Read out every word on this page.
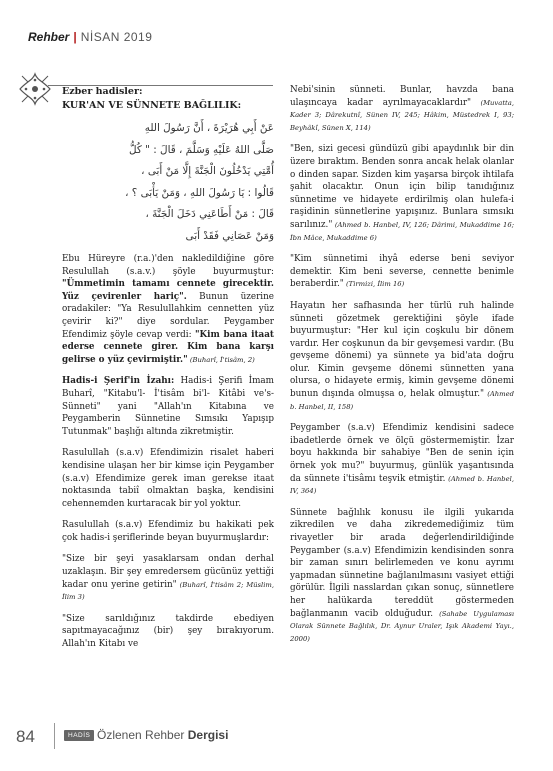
Rehber | NİSAN 2019
Ezber hadisler:
KUR'AN VE SÜNNETE BAĞLILIK:
عَنْ أَبِي هُرَيْرَةَ ، أَنَّ رَسُولَ اللهِ
صَلَّى اللهُ عَلَيْهِ وَسَلَّمَ ، قَالَ : " كُلُّ
أُمَّتِي يَدْخُلُونَ الْجَنَّةَ إِلَّا مَنْ أَبَى ،
قَالُوا : يَا رَسُولَ اللهِ ، وَمَنْ يَأْبَى ؟ ،
قَالَ : مَنْ أَطَاعَنِي دَخَلَ الْجَنَّةَ ،
وَمَنْ عَصَانِي فَقَدْ أَبَى
Ebu Hüreyre (r.a.)'den nakledildiğine göre Resulullah (s.a.v.) şöyle buyurmuştur: "Ümmetimin tamamı cennete girecektir. Yüz çevirenler hariç". Bunun üzerine oradakiler: "Ya Resulullahkim cennetten yüz çevirir ki?" diye sordular. Peygamber Efendimiz şöyle cevap verdi: "Kim bana itaat ederse cennete girer. Kim bana karşı gelirse o yüz çevirmiştir." (Buharî, İ'tisâm, 2)
Hadis-i Şerif'in İzahı: Hadis-i Şerifi İmam Buharî, "Kitabu'l- İ'tisâm bi'l- Kitâbi ve's-Sünneti" yani "Allah'ın Kitabına ve Peygamberin Sünnetine Sımsıkı Yapışıp Tutunmak" başlığı altında zikretmiştir.
Rasulullah (s.a.v) Efendimizin risalet haberi kendisine ulaşan her bir kimse için Peygamber (s.a.v) Efendimize gerek iman gerekse itaat noktasında tabiî olmaktan başka, kendisini cehennemden kurtaracak bir yol yoktur.
Rasulullah (s.a.v) Efendimiz bu hakikati pek çok hadis-i şeriflerinde beyan buyurmuşlardır:
"Size bir şeyi yasaklarsam ondan derhal uzaklaşın. Bir şey emredersem gücünüz yettiği kadar onu yerine getirin" (Buharî, İ'tisâm 2; Müslim, İlim 3)
"Size sarıldığınız takdirde ebediyen sapıtmayacağınız (bir) şey bırakıyorum. Allah'ın Kitabı ve
Nebi'sinin sünneti. Bunlar, havzda bana ulaşıncaya kadar ayrılmayacaklardır" (Muvatta, Kader 3; Dârekutnî, Sünen IV, 245; Hâkim, Müstedrek I, 93; Beyhâkî, Sünen X, 114)
"Ben, sizi gecesi gündüzü gibi apaydınlık bir din üzere bıraktım. Benden sonra ancak helak olanlar o dinden sapar. Sizden kim yaşarsa birçok ihtilafa şahit olacaktır. Onun için bilip tanıdığınız sünnetime ve hidayete erdirilmiş olan hulefa-i raşidinin sünnetlerine yapışınız. Bunlara sımsıkı sarılınız." (Ahmed b. Hanbel, IV, 126; Dârimi, Mukaddime 16; İbn Mâce, Mukaddime 6)
"Kim sünnetimi ihyâ ederse beni seviyor demektir. Kim beni severse, cennette benimle beraberdir." (Tirmizi, İlim 16)
Hayatın her safhasında her türlü ruh halinde sünneti gözetmek gerektiğini şöyle ifade buyurmuştur: "Her kul için coşkulu bir dönem vardır. Her coşkunun da bir gevşemesi vardır. (Bu gevşeme dönemi) ya sünnete ya bid'ata doğru olur. Kimin gevşeme dönemi sünnetten yana olursa, o hidayete ermiş, kimin gevşeme dönemi bunun dışında olmuşsa o, helak olmuştur." (Ahmed b. Hanbel, II, 158)
Peygamber (s.a.v) Efendimiz kendisini sadece ibadetlerde örnek ve ölçü göstermemiştir. İzar boyu hakkında bir sahabiye "Ben de senin için örnek yok mu?" buyurmuş, günlük yaşantısında da sünnete i'tisâmı teşvik etmiştir. (Ahmed b. Hanbel, IV, 364)
Sünnete bağlılık konusu ile ilgili yukarıda zikredilen ve daha zikredemediğimiz tüm rivayetler bir arada değerlendirildiğinde Peygamber (s.a.v) Efendimizin kendisinden sonra bir zaman sınırı belirlemeden ve konu ayrımı yapmadan sünnetine bağlanılmasını vasiyet ettiği görülür. İlgili nasslardan çıkan sonuç, sünnetlere her halükarda tereddüt göstermeden bağlanmanın vacib olduğudur. (Sahabe Uygulaması Olarak Sünnete Bağlılık, Dr. Aynur Uraler, Işık Akademi Yayı., 2000)
84	HADİS Özlenen Rehber Dergisi
